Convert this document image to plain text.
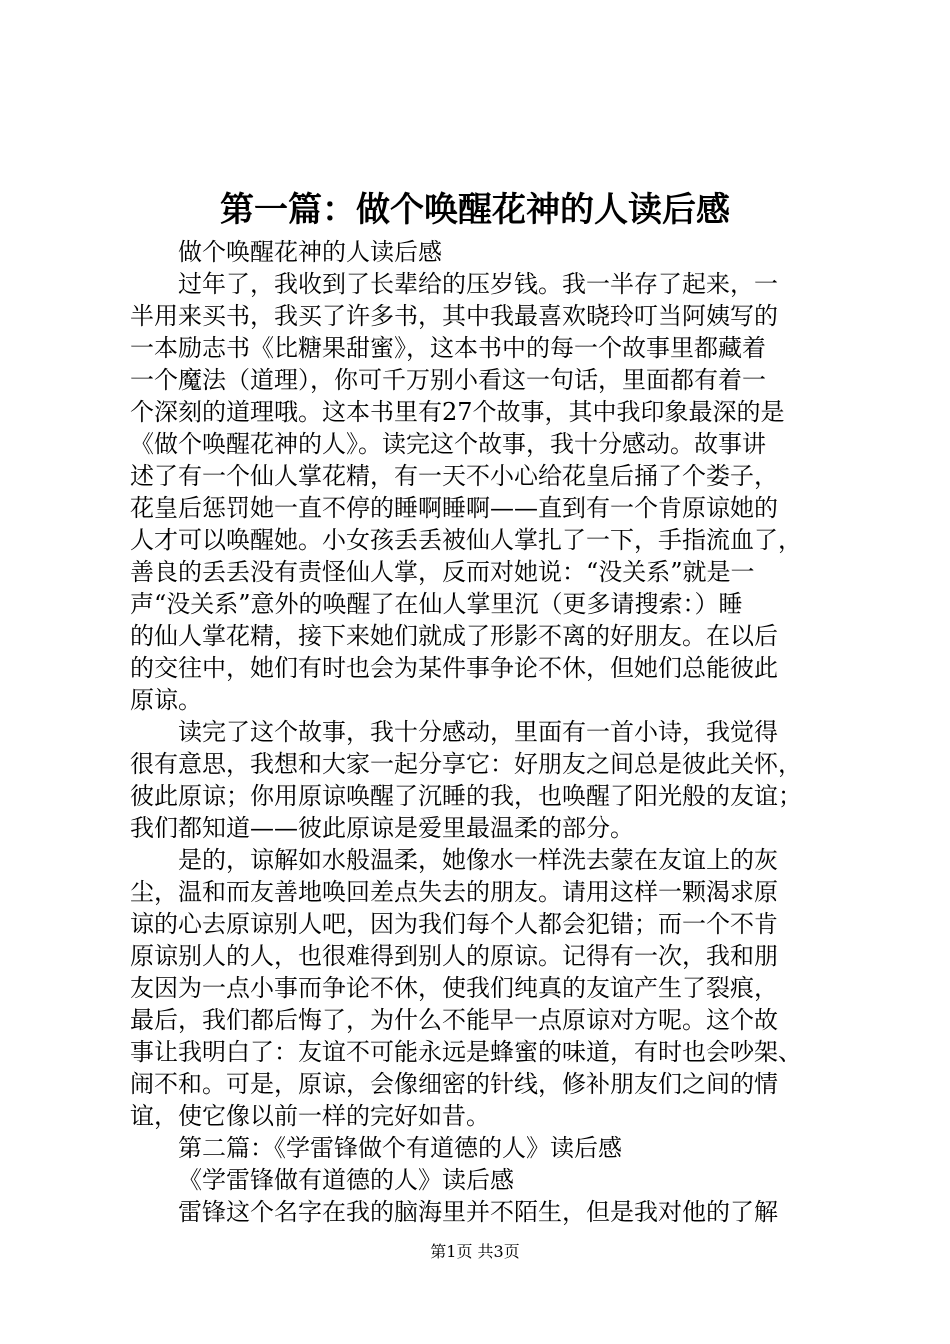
第一篇：做个唤醒花神的人读后感
做个唤醒花神的人读后感
过年了，我收到了长辈给的压岁钱。我一半存了起来，一
半用来买书，我买了许多书，其中我最喜欢晓玲叮当阿姨写的
一本励志书《比糖果甜蜜》，这本书中的每一个故事里都藏着
一个魔法（道理），你可千万别小看这一句话，里面都有着一
个深刻的道理哦。这本书里有27个故事，其中我印象最深的是
《做个唤醒花神的人》。读完这个故事，我十分感动。故事讲
述了有一个仙人掌花精，有一天不小心给花皇后捅了个娄子，
花皇后惩罚她一直不停的睡啊睡啊——直到有一个肯原谅她的
人才可以唤醒她。小女孩丢丢被仙人掌扎了一下，手指流血了，
善良的丢丢没有责怪仙人掌，反而对她说：“没关系”就是一
声“没关系”意外的唤醒了在仙人掌里沉（更多请搜索：）睡
的仙人掌花精，接下来她们就成了形影不离的好朋友。在以后
的交往中，她们有时也会为某件事争论不休，但她们总能彼此
原谅。
读完了这个故事，我十分感动，里面有一首小诗，我觉得
很有意思，我想和大家一起分享它：好朋友之间总是彼此关怀，
彼此原谅；你用原谅唤醒了沉睡的我，也唤醒了阳光般的友谊；
我们都知道——彼此原谅是爱里最温柔的部分。
是的，谅解如水般温柔，她像水一样洗去蒙在友谊上的灰
尘，温和而友善地唤回差点失去的朋友。请用这样一颗渴求原
谅的心去原谅别人吧，因为我们每个人都会犯错；而一个不肯
原谅别人的人，也很难得到别人的原谅。记得有一次，我和朋
友因为一点小事而争论不休，使我们纯真的友谊产生了裂痕，
最后，我们都后悔了，为什么不能早一点原谅对方呢。这个故
事让我明白了：友谊不可能永远是蜂蜜的味道，有时也会吵架、
闹不和。可是，原谅，会像细密的针线，修补朋友们之间的情
谊，使它像以前一样的完好如昔。
第二篇：《学雷锋做个有道德的人》读后感
《学雷锋做有道德的人》读后感
雷锋这个名字在我的脑海里并不陌生，但是我对他的了解
第1页 共3页
